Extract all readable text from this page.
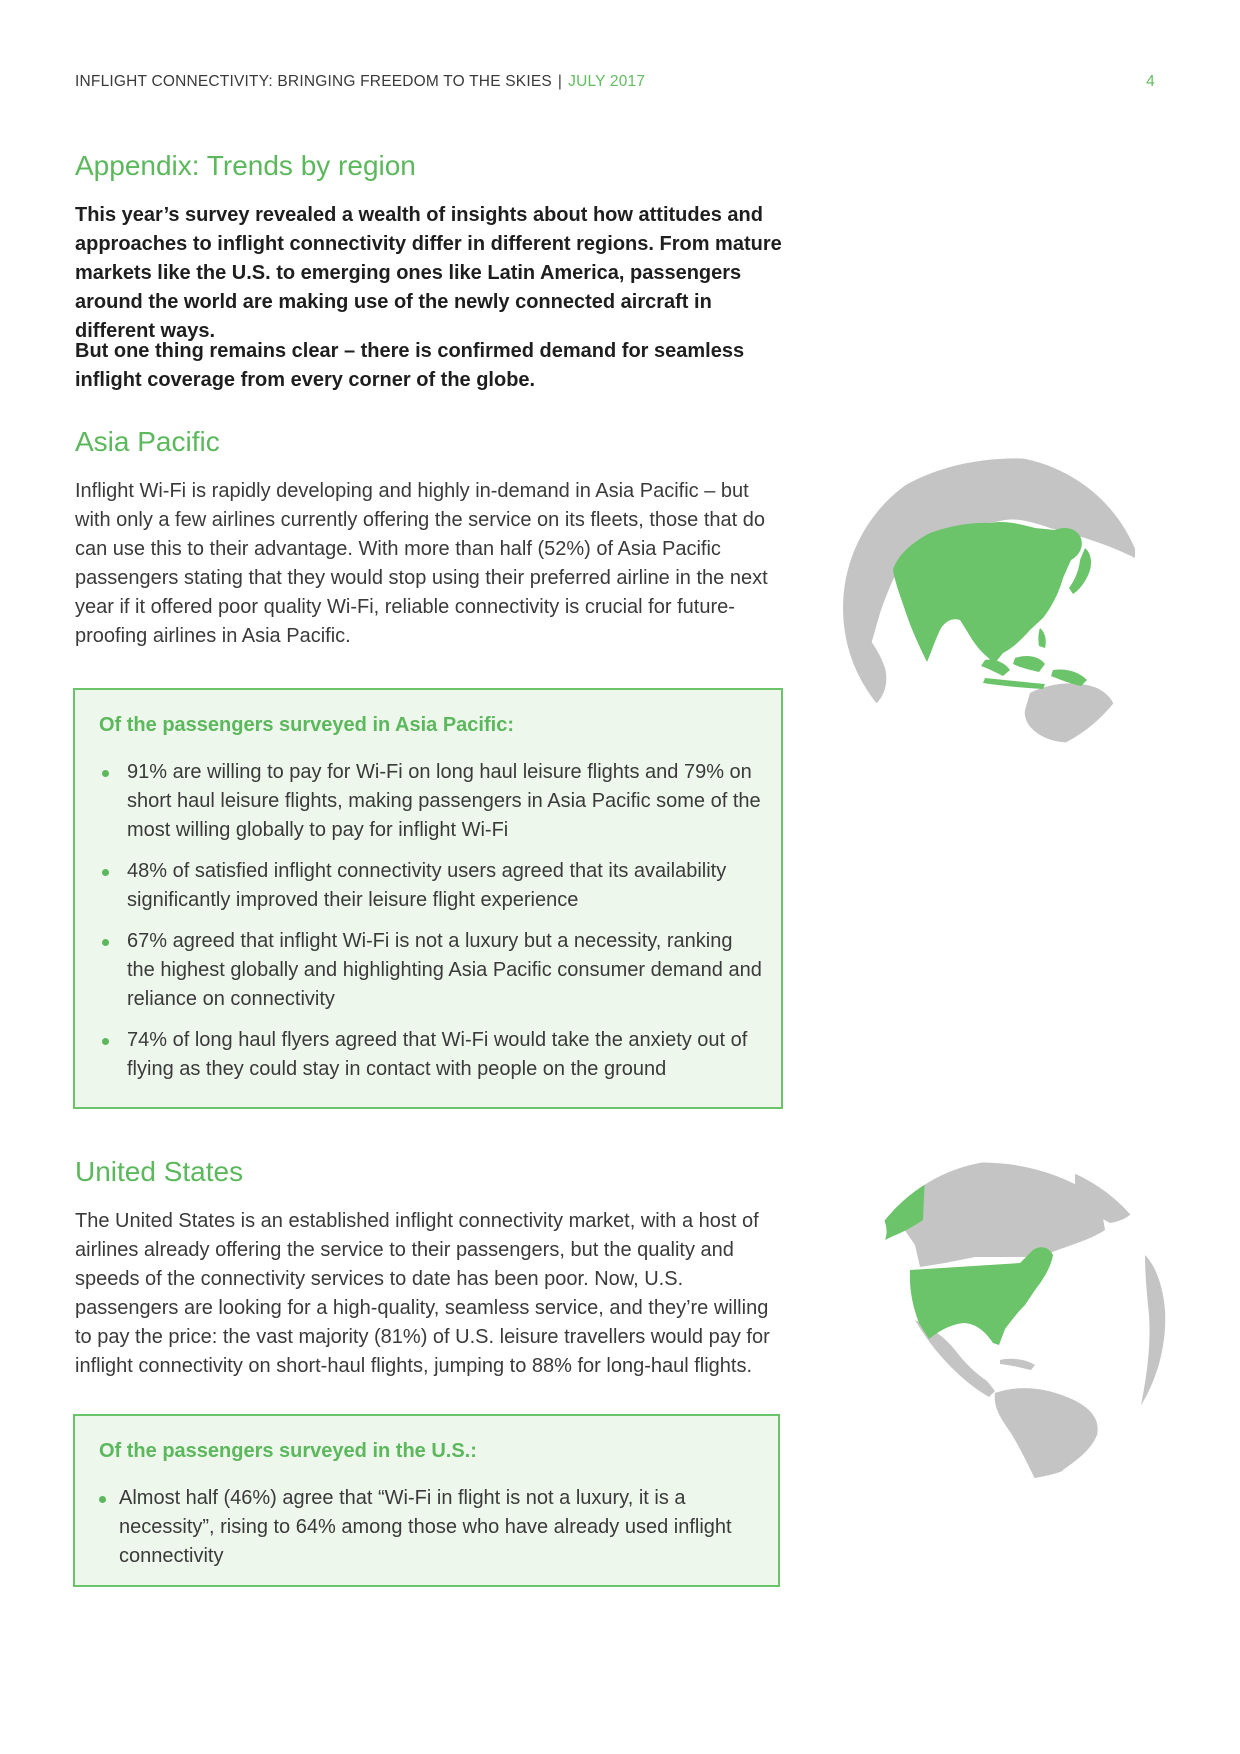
INFLIGHT CONNECTIVITY: BRINGING FREEDOM TO THE SKIES | JULY 2017	4
Appendix: Trends by region

This year’s survey revealed a wealth of insights about how attitudes and approaches to inflight connectivity differ in different regions. From mature markets like the U.S. to emerging ones like Latin America, passengers around the world are making use of the newly connected aircraft in different ways.

But one thing remains clear – there is confirmed demand for seamless inflight coverage from every corner of the globe.

Asia Pacific

Inflight Wi-Fi is rapidly developing and highly in-demand in Asia Pacific – but with only a few airlines currently offering the service on its fleets, those that do can use this to their advantage. With more than half (52%) of Asia Pacific passengers stating that they would stop using their preferred airline in the next year if it offered poor quality Wi-Fi, reliable connectivity is crucial for future-proofing airlines in Asia Pacific.

Of the passengers surveyed in Asia Pacific:

91% are willing to pay for Wi-Fi on long haul leisure flights and 79% on short haul leisure flights, making passengers in Asia Pacific some of the most willing globally to pay for inflight Wi-Fi
48% of satisfied inflight connectivity users agreed that its availability significantly improved their leisure flight experience
67% agreed that inflight Wi-Fi is not a luxury but a necessity, ranking the highest globally and highlighting Asia Pacific consumer demand and reliance on connectivity
74% of long haul flyers agreed that Wi-Fi would take the anxiety out of flying as they could stay in contact with people on the ground
United States

The United States is an established inflight connectivity market, with a host of airlines already offering the service to their passengers, but the quality and speeds of the connectivity services to date has been poor. Now, U.S. passengers are looking for a high-quality, seamless service, and they’re willing to pay the price: the vast majority (81%) of U.S. leisure travellers would pay for inflight connectivity on short-haul flights, jumping to 88% for long-haul flights.

Of the passengers surveyed in the U.S.:

Almost half (46%) agree that “Wi-Fi in flight is not a luxury, it is a necessity”, rising to 64% among those who have already used inflight connectivity
